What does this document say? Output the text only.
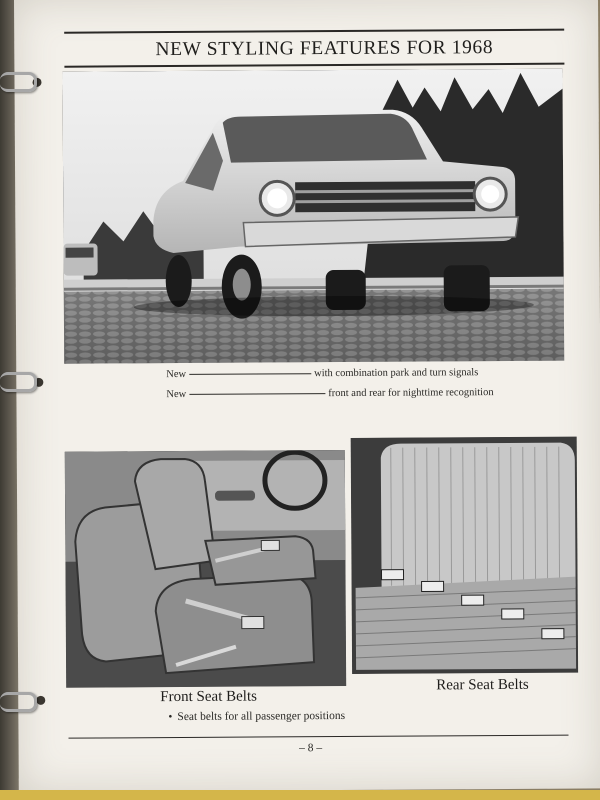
NEW STYLING FEATURES FOR 1968
New	with combination park and turn signals
New	front and rear for nighttime recognition
Front Seat Belts
Rear Seat Belts
• Seat belts for all passenger positions
– 8 –
